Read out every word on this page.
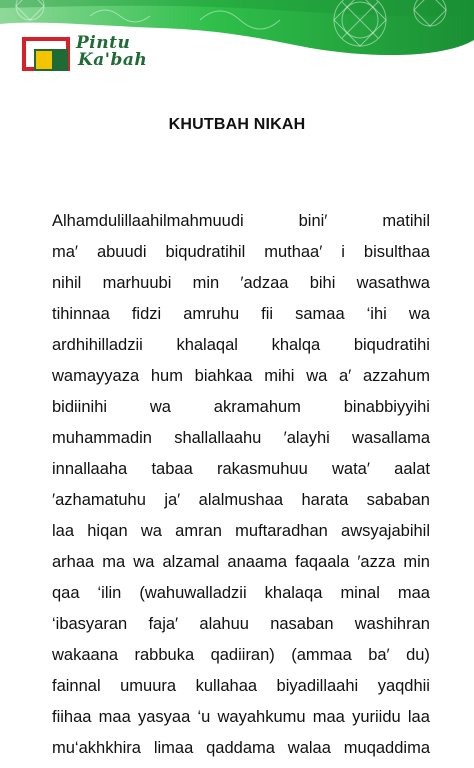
Pintu
Ka'bah
KHUTBAH NIKAH
Alhamdulillaahilmahmuudi	bini′	matihil
ma′ abuudi biqudratihil muthaa′ i bisulthaa
nihil marhuubi min ′adzaa bihi wasathwa
tihinnaa fidzi amruhu fii samaa ‘ihi wa
ardhihilladzii khalaqal khalqa biqudratihi
wamayyaza hum biahkaa mihi wa a′ azzahum
bidiinihi	wa	akramahum	binabbiyyihi
muhammadin shallallaahu ′alayhi wasallama
innallaaha tabaa rakasmuhuu wata′ aalat
′azhamatuhu ja′ alalmushaa harata sababan
laa hiqan wa amran muftaradhan awsyajabihil
arhaa ma wa alzamal anaama faqaala ′azza min
qaa ‘ilin (wahuwalladzii khalaqa minal maa
‘ibasyaran faja′ alahuu nasaban washihran
wakaana rabbuka qadiiran) (ammaa ba′ du)
fainnal umuura kullahaa biyadillaahi yaqdhii
fiihaa maa yasyaa ‘u wayahkumu maa yuriidu laa
mu‘akhkhira limaa qaddama walaa muqaddima
